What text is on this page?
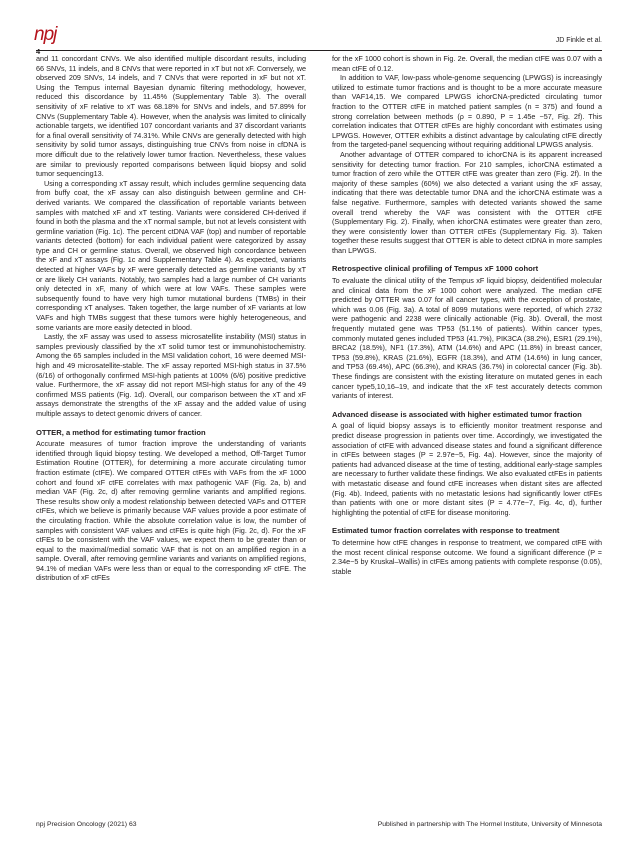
npj
4
JD Finkle et al.

and 11 concordant CNVs. We also identified multiple discordant results, including 66 SNVs, 11 indels, and 8 CNVs that were reported in xT but not xF. Conversely, we observed 209 SNVs, 14 indels, and 7 CNVs that were reported in xF but not xT. Using the Tempus internal Bayesian dynamic filtering methodology, however, reduced this discordance by 11.45% (Supplementary Table 3). The overall sensitivity of xF relative to xT was 68.18% for SNVs and indels, and 57.89% for CNVs (Supplementary Table 4). However, when the analysis was limited to clinically actionable targets, we identified 107 concordant variants and 37 discordant variants for a final overall sensitivity of 74.31%. While CNVs are generally detected with high sensitivity by solid tumor assays, distinguishing true CNVs from noise in cfDNA is more difficult due to the relatively lower tumor fraction. Nevertheless, these values are similar to previously reported comparisons between liquid biopsy and solid tumor sequencing13.

Using a corresponding xT assay result, which includes germline sequencing data from buffy coat, the xF assay can also distinguish between germline and CH-derived variants. We compared the classification of reportable variants between samples with matched xF and xT testing. Variants were considered CH-derived if found in both the plasma and the xT normal sample, but not at levels consistent with germline variation (Fig. 1c). The percent ctDNA VAF (top) and number of reportable variants detected (bottom) for each individual patient were categorized by assay type and CH or germline status. Overall, we observed high concordance between the xF and xT assays (Fig. 1c and Supplementary Table 4). As expected, variants detected at higher VAFs by xF were generally detected as germline variants by xT or are likely CH variants. Notably, two samples had a large number of CH variants only detected in xF, many of which were at low VAFs. These samples were subsequently found to have very high tumor mutational burdens (TMBs) in their corresponding xT analyses. Taken together, the large number of xF variants at low VAFs and high TMBs suggest that these tumors were highly heterogeneous, and some variants are more easily detected in blood.

Lastly, the xF assay was used to assess microsatellite instability (MSI) status in samples previously classified by the xT solid tumor test or immunohistochemistry. Among the 65 samples included in the MSI validation cohort, 16 were deemed MSI-high and 49 microsatellite-stable. The xF assay reported MSI-high status in 37.5% (6/16) of orthogonally confirmed MSI-high patients at 100% (6/6) positive predictive value. Furthermore, the xF assay did not report MSI-high status for any of the 49 confirmed MSS patients (Fig. 1d). Overall, our comparison between the xT and xF assays demonstrate the strengths of the xF assay and the added value of using multiple assays to detect genomic drivers of cancer.

OTTER, a method for estimating tumor fraction

Accurate measures of tumor fraction improve the understanding of variants identified through liquid biopsy testing. We developed a method, Off-Target Tumor Estimation Routine (OTTER), for determining a more accurate circulating tumor fraction estimate (ctFE). We compared OTTER ctFEs with VAFs from the xF 1000 cohort and found xF ctFE correlates with max pathogenic VAF (Fig. 2a, b) and median VAF (Fig. 2c, d) after removing germline variants and amplified regions. These results show only a modest relationship between detected VAFs and OTTER ctFEs, which we believe is primarily because VAF values provide a poor estimate of the circulating fraction. While the absolute correlation value is low, the number of samples with consistent VAF values and ctFEs is quite high (Fig. 2c, d). For the xF ctFEs to be consistent with the VAF values, we expect them to be greater than or equal to the maximal/medial somatic VAF that is not on an amplified region in a sample. Overall, after removing germline variants and variants on amplified regions, 94.1% of median VAFs were less than or equal to the corresponding xF ctFE. The distribution of xF ctFEs

for the xF 1000 cohort is shown in Fig. 2e. Overall, the median ctFE was 0.07 with a mean ctFE of 0.12.

In addition to VAF, low-pass whole-genome sequencing (LPWGS) is increasingly utilized to estimate tumor fractions and is thought to be a more accurate measure than VAF14,15. We compared LPWGS ichorCNA-predicted circulating tumor fraction to the OTTER ctFE in matched patient samples (n = 375) and found a strong correlation between methods (ρ = 0.890, P = 1.45e −57, Fig. 2f). This correlation indicates that OTTER ctFEs are highly concordant with estimates using LPWGS. However, OTTER exhibits a distinct advantage by calculating ctFE directly from the targeted-panel sequencing without requiring additional LPWGS analysis.

Another advantage of OTTER compared to ichorCNA is its apparent increased sensitivity for detecting tumor fraction. For 210 samples, ichorCNA estimated a tumor fraction of zero while the OTTER ctFE was greater than zero (Fig. 2f). In the majority of these samples (60%) we also detected a variant using the xF assay, indicating that there was detectable tumor DNA and the ichorCNA estimate was a false negative. Furthermore, samples with detected variants showed the same overall trend whereby the VAF was consistent with the OTTER ctFE (Supplementary Fig. 2). Finally, when ichorCNA estimates were greater than zero, they were consistently lower than OTTER ctFEs (Supplementary Fig. 3). Taken together these results suggest that OTTER is able to detect ctDNA in more samples than LPWGS.

Retrospective clinical profiling of Tempus xF 1000 cohort

To evaluate the clinical utility of the Tempus xF liquid biopsy, deidentified molecular and clinical data from the xF 1000 cohort were analyzed. The median ctFE predicted by OTTER was 0.07 for all cancer types, with the exception of prostate, which was 0.06 (Fig. 3a). A total of 8099 mutations were reported, of which 2732 were pathogenic and 2238 were clinically actionable (Fig. 3b). Overall, the most frequently mutated gene was TP53 (51.1% of patients). Within cancer types, commonly mutated genes included TP53 (41.7%), PIK3CA (38.2%), ESR1 (29.1%), BRCA2 (18.5%), NF1 (17.3%), ATM (14.6%) and APC (11.8%) in breast cancer, TP53 (59.8%), KRAS (21.6%), EGFR (18.3%), and ATM (14.6%) in lung cancer, and TP53 (69.4%), APC (66.3%), and KRAS (36.7%) in colorectal cancer (Fig. 3b). These findings are consistent with the existing literature on mutated genes in each cancer type5,10,16–19, and indicate that the xF test accurately detects common variants of interest.

Advanced disease is associated with higher estimated tumor fraction

A goal of liquid biopsy assays is to efficiently monitor treatment response and predict disease progression in patients over time. Accordingly, we investigated the association of ctFE with advanced disease states and found a significant difference in ctFEs between stages (P = 2.97e−5, Fig. 4a). However, since the majority of patients had advanced disease at the time of testing, additional early-stage samples are necessary to further validate these findings. We also evaluated ctFEs in patients with metastatic disease and found ctFE increases when distant sites are affected (Fig. 4b). Indeed, patients with no metastatic lesions had significantly lower ctFEs than patients with one or more distant sites (P = 4.77e−7, Fig. 4c, d), further highlighting the potential of ctFE for disease monitoring.

Estimated tumor fraction correlates with response to treatment

To determine how ctFE changes in response to treatment, we compared ctFE with the most recent clinical response outcome. We found a significant difference (P = 2.34e−5 by Kruskal–Wallis) in ctFEs among patients with complete response (0.05), stable

npj Precision Oncology (2021) 63	Published in partnership with The Hormel Institute, University of Minnesota
